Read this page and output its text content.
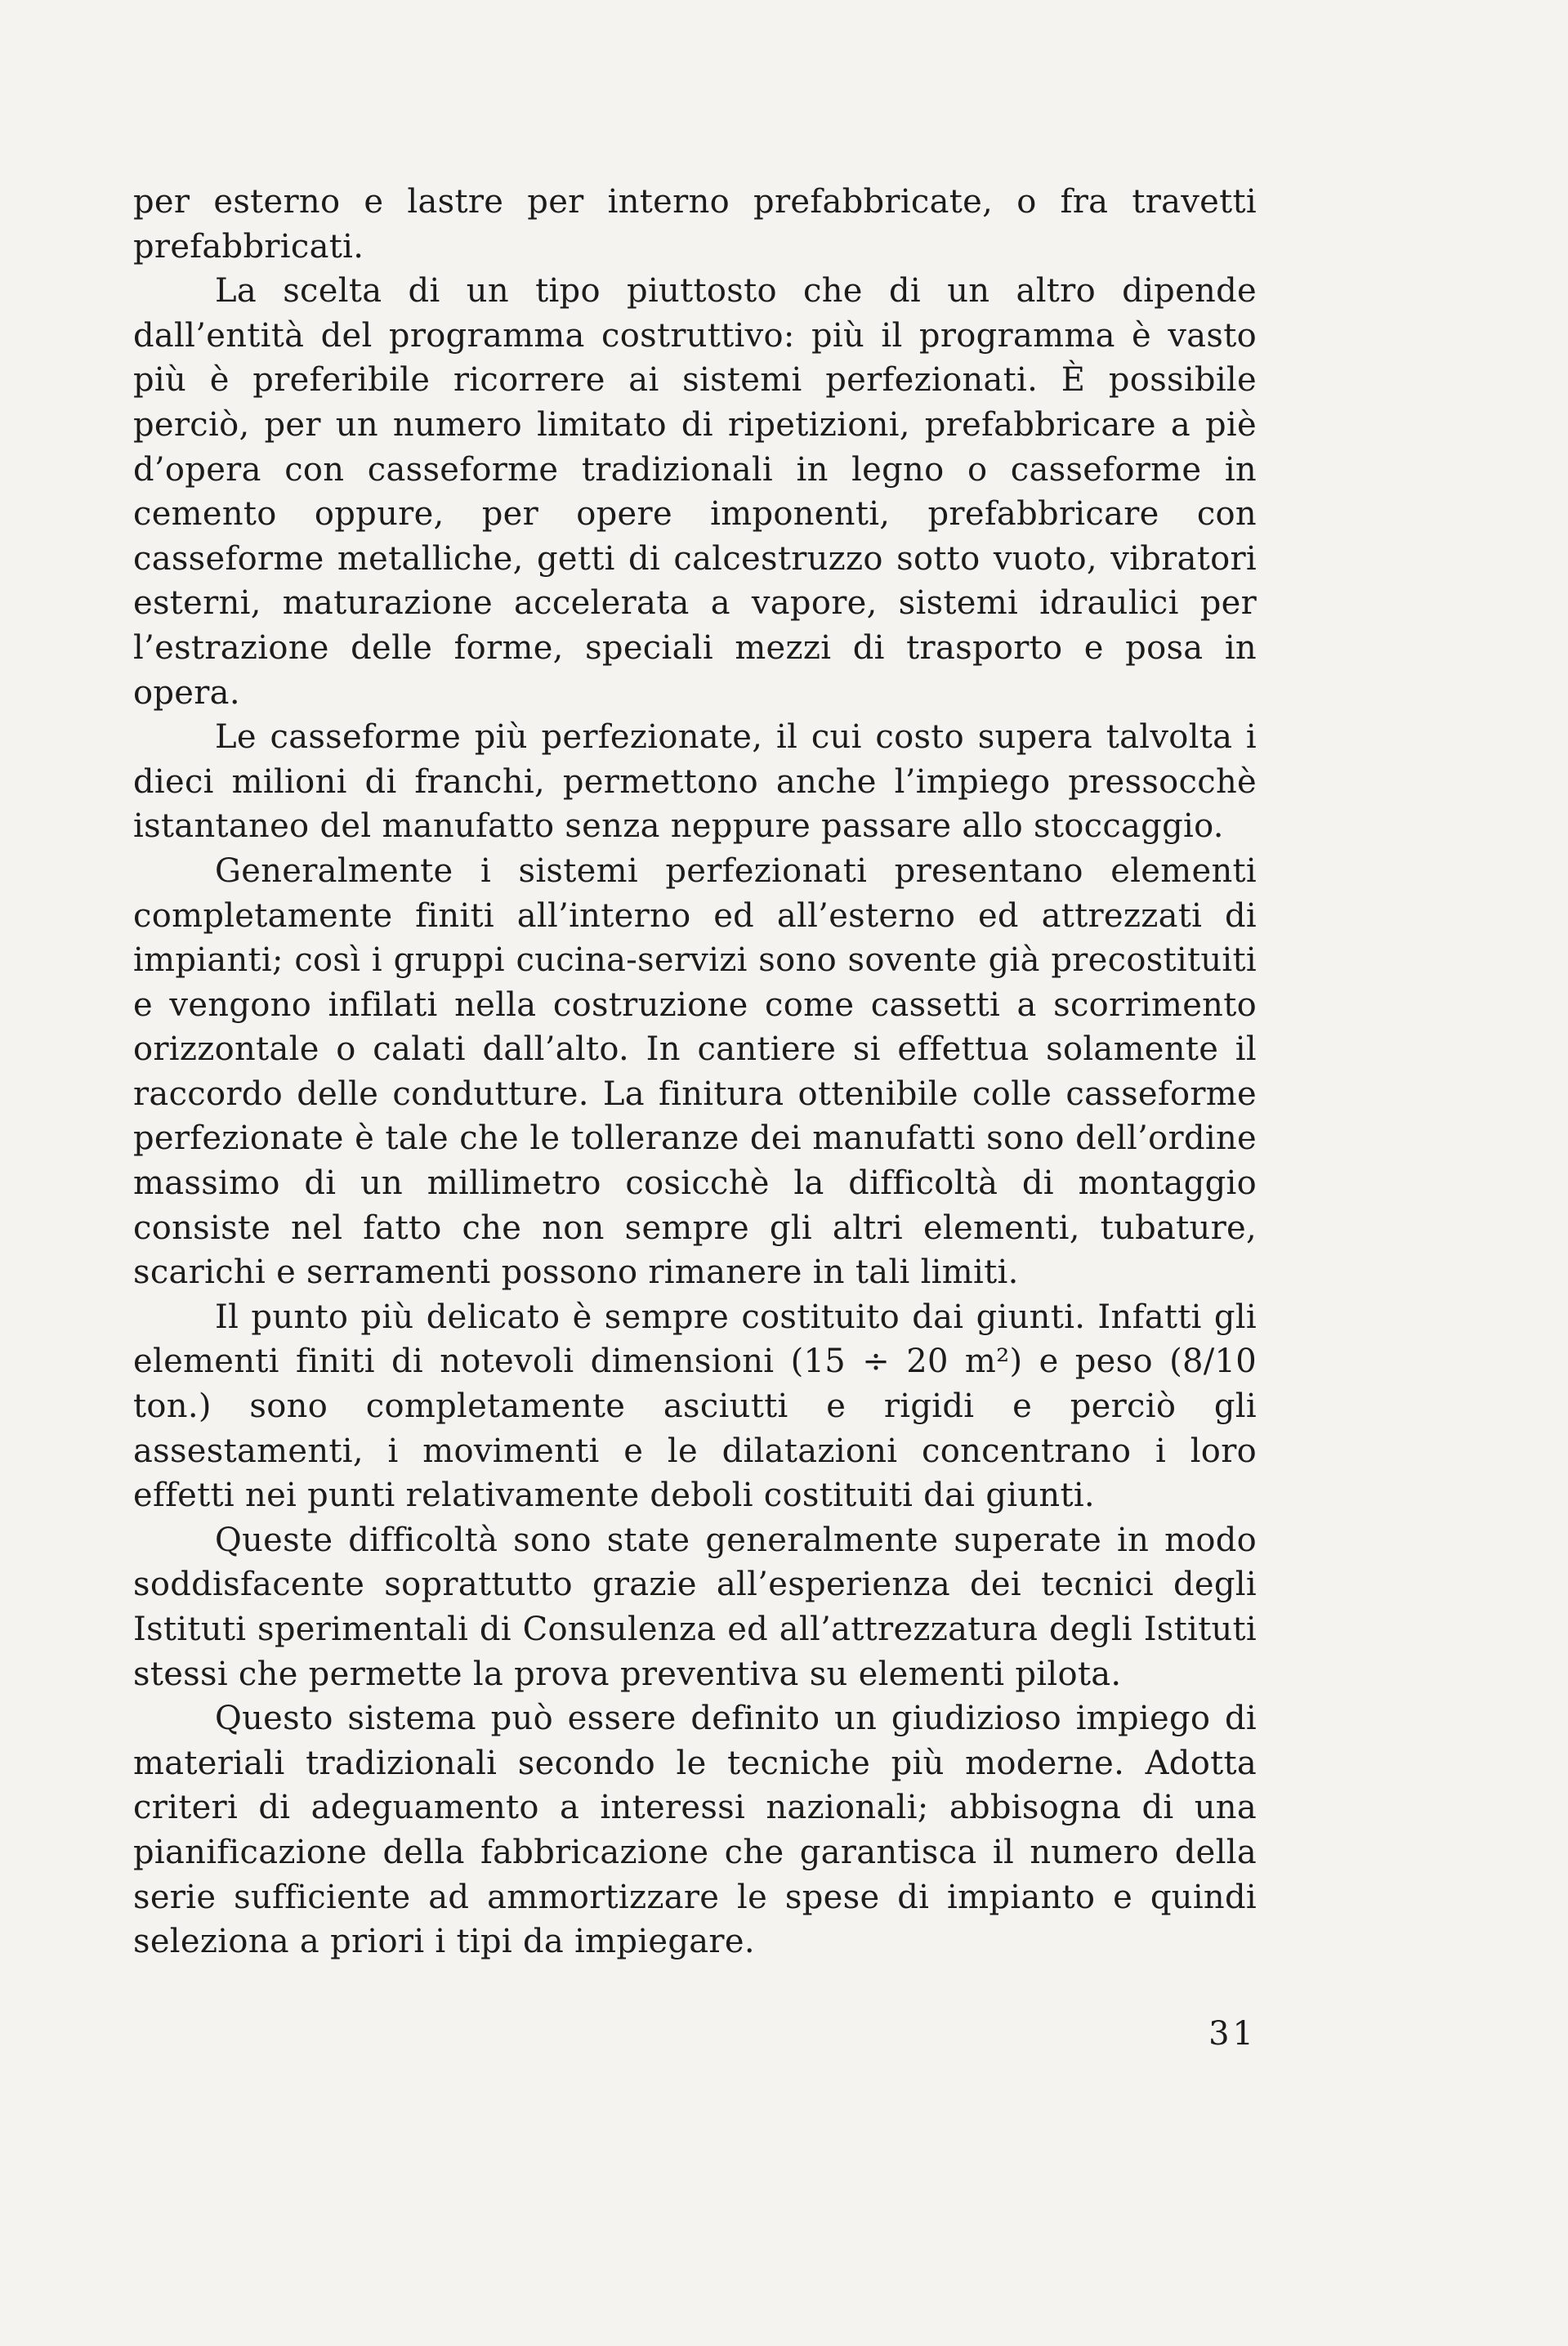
per esterno e lastre per interno prefabbricate, o fra travetti prefabbricati.

La scelta di un tipo piuttosto che di un altro dipende dall’entità del programma costruttivo: più il programma è vasto più è preferibile ricorrere ai sistemi perfezionati. È possibile perciò, per un numero limitato di ripetizioni, prefabbricare a piè d’opera con casseforme tradizionali in legno o casseforme in cemento oppure, per opere imponenti, prefabbricare con casseforme metalliche, getti di calcestruzzo sotto vuoto, vibratori esterni, maturazione accelerata a vapore, sistemi idraulici per l’estrazione delle forme, speciali mezzi di trasporto e posa in opera.

Le casseforme più perfezionate, il cui costo supera talvolta i dieci milioni di franchi, permettono anche l’impiego pressocchè istantaneo del manufatto senza neppure passare allo stoccaggio.

Generalmente i sistemi perfezionati presentano elementi completamente finiti all’interno ed all’esterno ed attrezzati di impianti; così i gruppi cucina-servizi sono sovente già precostituiti e vengono infilati nella costruzione come cassetti a scorrimento orizzontale o calati dall’alto. In cantiere si effettua solamente il raccordo delle condutture. La finitura ottenibile colle casseforme perfezionate è tale che le tolleranze dei manufatti sono dell’ordine massimo di un millimetro cosicchè la difficoltà di montaggio consiste nel fatto che non sempre gli altri elementi, tubature, scarichi e serramenti possono rimanere in tali limiti.

Il punto più delicato è sempre costituito dai giunti. Infatti gli elementi finiti di notevoli dimensioni (15 ÷ 20 m²) e peso (8/10 ton.) sono completamente asciutti e rigidi e perciò gli assestamenti, i movimenti e le dilatazioni concentrano i loro effetti nei punti relativamente deboli costituiti dai giunti.

Queste difficoltà sono state generalmente superate in modo soddisfacente soprattutto grazie all’esperienza dei tecnici degli Istituti sperimentali di Consulenza ed all’attrezzatura degli Istituti stessi che permette la prova preventiva su elementi pilota.

Questo sistema può essere definito un giudizioso impiego di materiali tradizionali secondo le tecniche più moderne. Adotta criteri di adeguamento a interessi nazionali; abbisogna di una pianificazione della fabbricazione che garantisca il numero della serie sufficiente ad ammortizzare le spese di impianto e quindi seleziona a priori i tipi da impiegare.

31
